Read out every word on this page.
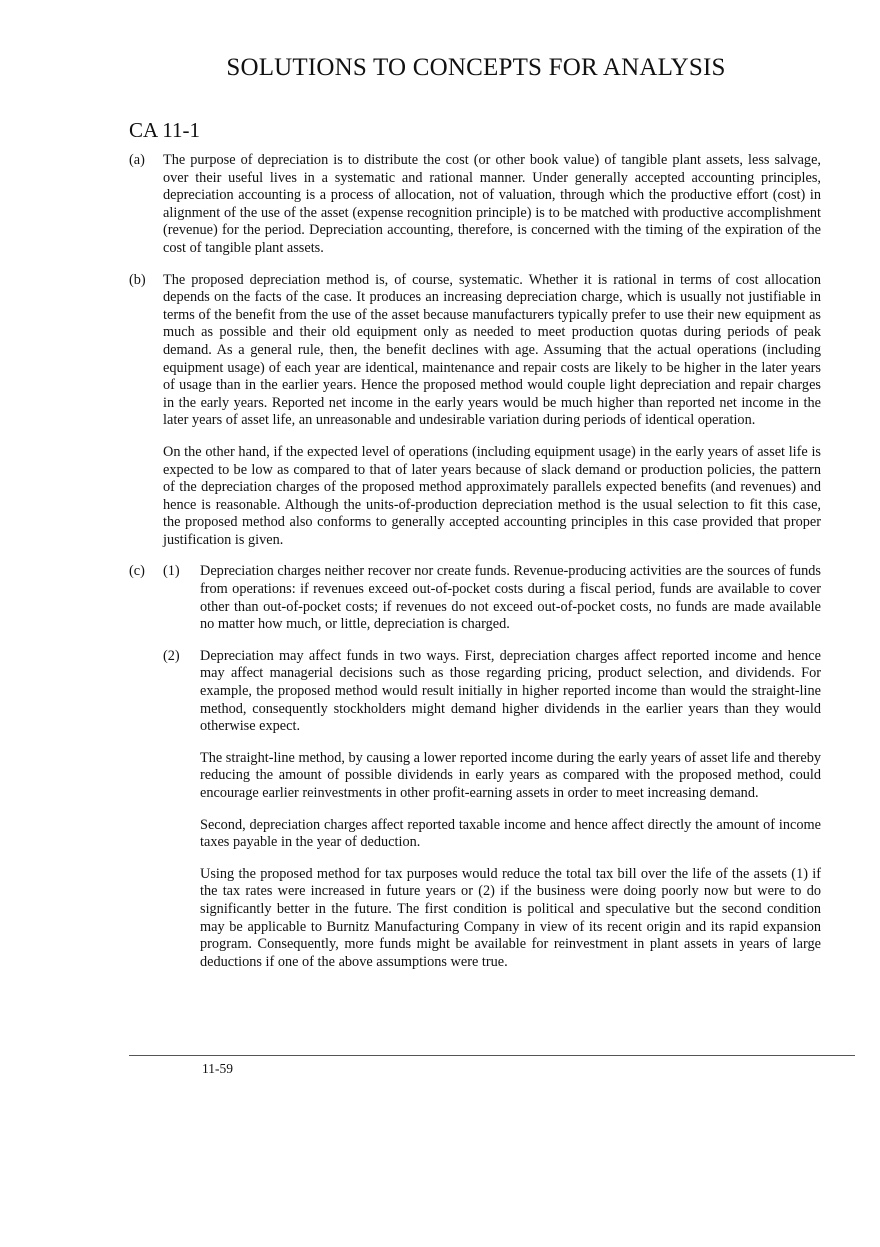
SOLUTIONS TO CONCEPTS FOR ANALYSIS
CA 11-1
(a) The purpose of depreciation is to distribute the cost (or other book value) of tangible plant assets, less salvage, over their useful lives in a systematic and rational manner. Under generally accepted accounting principles, depreciation accounting is a process of allocation, not of valuation, through which the productive effort (cost) in alignment of the use of the asset (expense recognition principle) is to be matched with productive accomplishment (revenue) for the period. Depreciation accounting, therefore, is concerned with the timing of the expiration of the cost of tangible plant assets.
(b) The proposed depreciation method is, of course, systematic. Whether it is rational in terms of cost allocation depends on the facts of the case. It produces an increasing depreciation charge, which is usually not justifiable in terms of the benefit from the use of the asset because manufacturers typically prefer to use their new equipment as much as possible and their old equipment only as needed to meet production quotas during periods of peak demand. As a general rule, then, the benefit declines with age. Assuming that the actual operations (including equipment usage) of each year are identical, maintenance and repair costs are likely to be higher in the later years of usage than in the earlier years. Hence the proposed method would couple light depreciation and repair charges in the early years. Reported net income in the early years would be much higher than reported net income in the later years of asset life, an unreasonable and undesirable variation during periods of identical operation.
On the other hand, if the expected level of operations (including equipment usage) in the early years of asset life is expected to be low as compared to that of later years because of slack demand or production policies, the pattern of the depreciation charges of the proposed method approximately parallels expected benefits (and revenues) and hence is reasonable. Although the units-of-production depreciation method is the usual selection to fit this case, the proposed method also conforms to generally accepted accounting principles in this case provided that proper justification is given.
(c) (1) Depreciation charges neither recover nor create funds. Revenue-producing activities are the sources of funds from operations: if revenues exceed out-of-pocket costs during a fiscal period, funds are available to cover other than out-of-pocket costs; if revenues do not exceed out-of-pocket costs, no funds are made available no matter how much, or little, depreciation is charged.
(2) Depreciation may affect funds in two ways. First, depreciation charges affect reported income and hence may affect managerial decisions such as those regarding pricing, product selection, and dividends. For example, the proposed method would result initially in higher reported income than would the straight-line method, consequently stockholders might demand higher dividends in the earlier years than they would otherwise expect.
The straight-line method, by causing a lower reported income during the early years of asset life and thereby reducing the amount of possible dividends in early years as compared with the proposed method, could encourage earlier reinvestments in other profit-earning assets in order to meet increasing demand.
Second, depreciation charges affect reported taxable income and hence affect directly the amount of income taxes payable in the year of deduction.
Using the proposed method for tax purposes would reduce the total tax bill over the life of the assets (1) if the tax rates were increased in future years or (2) if the business were doing poorly now but were to do significantly better in the future. The first condition is political and speculative but the second condition may be applicable to Burnitz Manufacturing Company in view of its recent origin and its rapid expansion program. Consequently, more funds might be available for reinvestment in plant assets in years of large deductions if one of the above assumptions were true.
11-59
